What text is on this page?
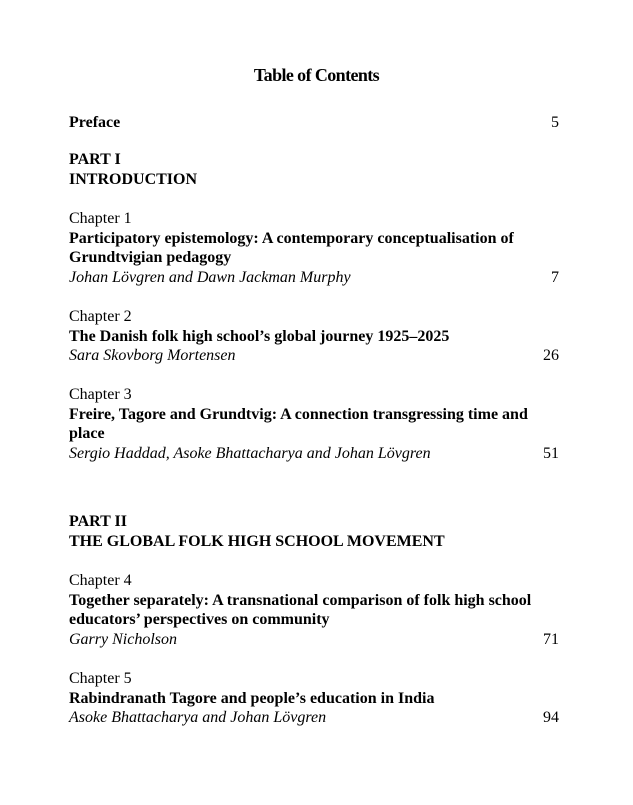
Table of Contents
Preface	5
PART I
INTRODUCTION
Chapter 1
Participatory epistemology: A contemporary conceptualisation of
Grundtvigian pedagogy
Johan Lövgren and Dawn Jackman Murphy	7
Chapter 2
The Danish folk high school’s global journey 1925–2025
Sara Skovborg Mortensen	26
Chapter 3
Freire, Tagore and Grundtvig: A connection transgressing time and
place
Sergio Haddad, Asoke Bhattacharya and Johan Lövgren	51
PART II
THE GLOBAL FOLK HIGH SCHOOL MOVEMENT
Chapter 4
Together separately: A transnational comparison of folk high school
educators’ perspectives on community
Garry Nicholson	71
Chapter 5
Rabindranath Tagore and people’s education in India
Asoke Bhattacharya and Johan Lövgren	94
